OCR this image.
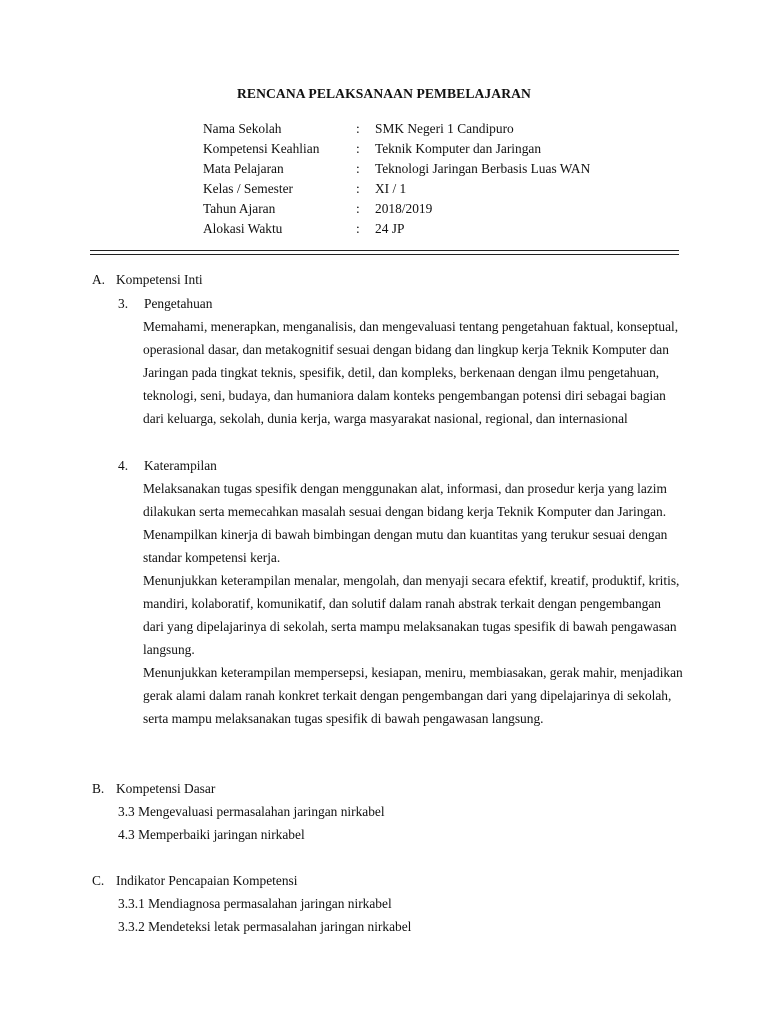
RENCANA PELAKSANAAN PEMBELAJARAN
Nama Sekolah	: SMK Negeri 1 Candipuro
Kompetensi Keahlian	: Teknik Komputer dan Jaringan
Mata Pelajaran	: Teknologi Jaringan Berbasis Luas WAN
Kelas / Semester	: XI / 1
Tahun Ajaran	: 2018/2019
Alokasi Waktu	: 24 JP
A. Kompetensi Inti
3. Pengetahuan
Memahami, menerapkan, menganalisis, dan mengevaluasi tentang pengetahuan faktual, konseptual, operasional dasar, dan metakognitif sesuai dengan bidang dan lingkup kerja Teknik Komputer dan Jaringan pada tingkat teknis, spesifik, detil, dan kompleks, berkenaan dengan ilmu pengetahuan, teknologi, seni, budaya, dan humaniora dalam konteks pengembangan potensi diri sebagai bagian dari keluarga, sekolah, dunia kerja, warga masyarakat nasional, regional, dan internasional
4. Katerampilan
Melaksanakan tugas spesifik dengan menggunakan alat, informasi, dan prosedur kerja yang lazim dilakukan serta memecahkan masalah sesuai dengan bidang kerja Teknik Komputer dan Jaringan. Menampilkan kinerja di bawah bimbingan dengan mutu dan kuantitas yang terukur sesuai dengan standar kompetensi kerja.
Menunjukkan keterampilan menalar, mengolah, dan menyaji secara efektif, kreatif, produktif, kritis, mandiri, kolaboratif, komunikatif, dan solutif dalam ranah abstrak terkait dengan pengembangan dari yang dipelajarinya di sekolah, serta mampu melaksanakan tugas spesifik di bawah pengawasan langsung.
Menunjukkan keterampilan mempersepsi, kesiapan, meniru, membiasakan, gerak mahir, menjadikan gerak alami dalam ranah konkret terkait dengan pengembangan dari yang dipelajarinya di sekolah, serta mampu melaksanakan tugas spesifik di bawah pengawasan langsung.
B. Kompetensi Dasar
3.3 Mengevaluasi permasalahan jaringan nirkabel
4.3 Memperbaiki jaringan nirkabel
C. Indikator Pencapaian Kompetensi
3.3.1 Mendiagnosa permasalahan jaringan nirkabel
3.3.2 Mendeteksi letak permasalahan jaringan nirkabel
